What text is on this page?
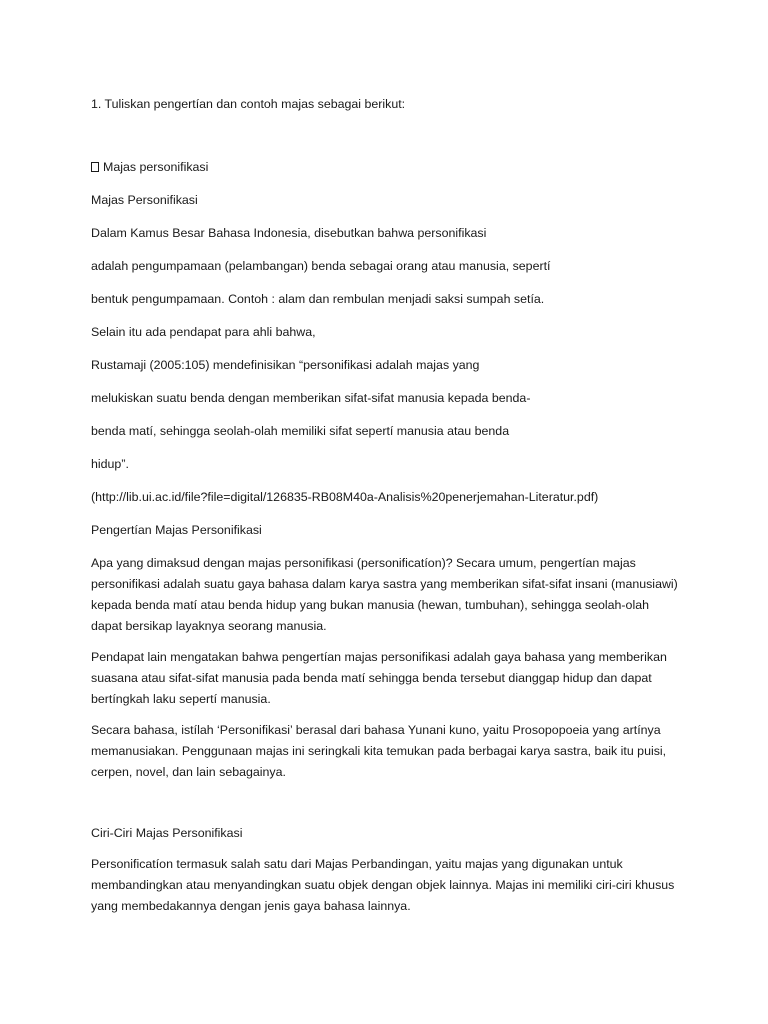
1. Tuliskan pengertían dan contoh majas sebagai berikut:

Majas personifikasi

Majas Personifikasi

Dalam Kamus Besar Bahasa Indonesia, disebutkan bahwa personifikasi

adalah pengumpamaan (pelambangan) benda sebagai orang atau manusia, sepertí

bentuk pengumpamaan. Contoh : alam dan rembulan menjadi saksi sumpah setía.

Selain itu ada pendapat para ahli bahwa,

Rustamaji (2005:105) mendefinisikan “personifikasi adalah majas yang

melukiskan suatu benda dengan memberikan sifat-sifat manusia kepada benda-

benda matí, sehingga seolah-olah memiliki sifat sepertí manusia atau benda

hidup”.

(http://lib.ui.ac.id/file?file=digital/126835-RB08M40a-Analisis%20penerjemahan-Literatur.pdf)

Pengertían Majas Personifikasi

Apa yang dimaksud dengan majas personifikasi (personificatíon)? Secara umum, pengertían majas personifikasi adalah suatu gaya bahasa dalam karya sastra yang memberikan sifat-sifat insani (manusiawi) kepada benda matí atau benda hidup yang bukan manusia (hewan, tumbuhan), sehingga seolah-olah dapat bersikap layaknya seorang manusia.

Pendapat lain mengatakan bahwa pengertían majas personifikasi adalah gaya bahasa yang memberikan suasana atau sifat-sifat manusia pada benda matí sehingga benda tersebut dianggap hidup dan dapat bertíngkah laku sepertí manusia.

Secara bahasa, istílah ‘Personifikasi’ berasal dari bahasa Yunani kuno, yaitu Prosopopoeia yang artínya memanusiakan. Penggunaan majas ini seringkali kita temukan pada berbagai karya sastra, baik itu puisi, cerpen, novel, dan lain sebagainya.

Ciri-Ciri Majas Personifikasi

Personificatíon termasuk salah satu dari Majas Perbandingan, yaitu majas yang digunakan untuk membandingkan atau menyandingkan suatu objek dengan objek lainnya. Majas ini memiliki ciri-ciri khusus yang membedakannya dengan jenis gaya bahasa lainnya.
